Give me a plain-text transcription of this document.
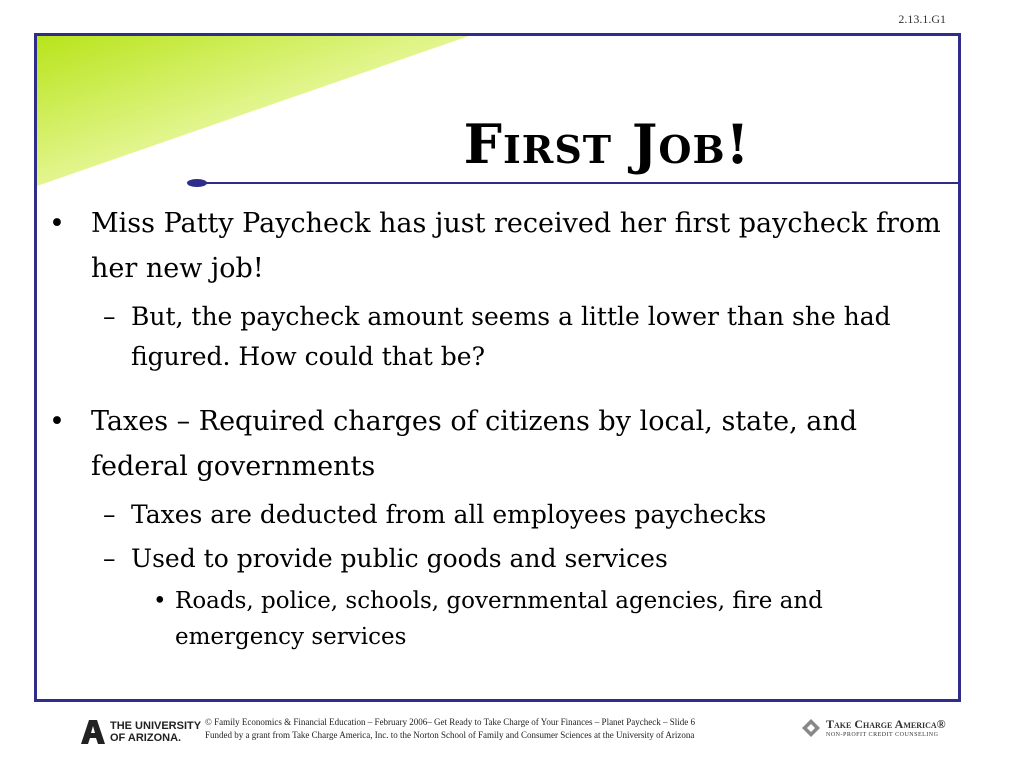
2.13.1.G1
First Job!
• Miss Patty Paycheck has just received her first paycheck from her new job!
– But, the paycheck amount seems a little lower than she had figured. How could that be?
• Taxes – Required charges of citizens by local, state, and federal governments
– Taxes are deducted from all employees paychecks
– Used to provide public goods and services
• Roads, police, schools, governmental agencies, fire and emergency services
THE UNIVERSITY
OF ARIZONA.
© Family Economics & Financial Education – February 2006– Get Ready to Take Charge of Your Finances – Planet Paycheck – Slide 6
Funded by a grant from Take Charge America, Inc. to the Norton School of Family and Consumer Sciences at the University of Arizona
Take Charge America®
NON-PROFIT CREDIT COUNSELING
